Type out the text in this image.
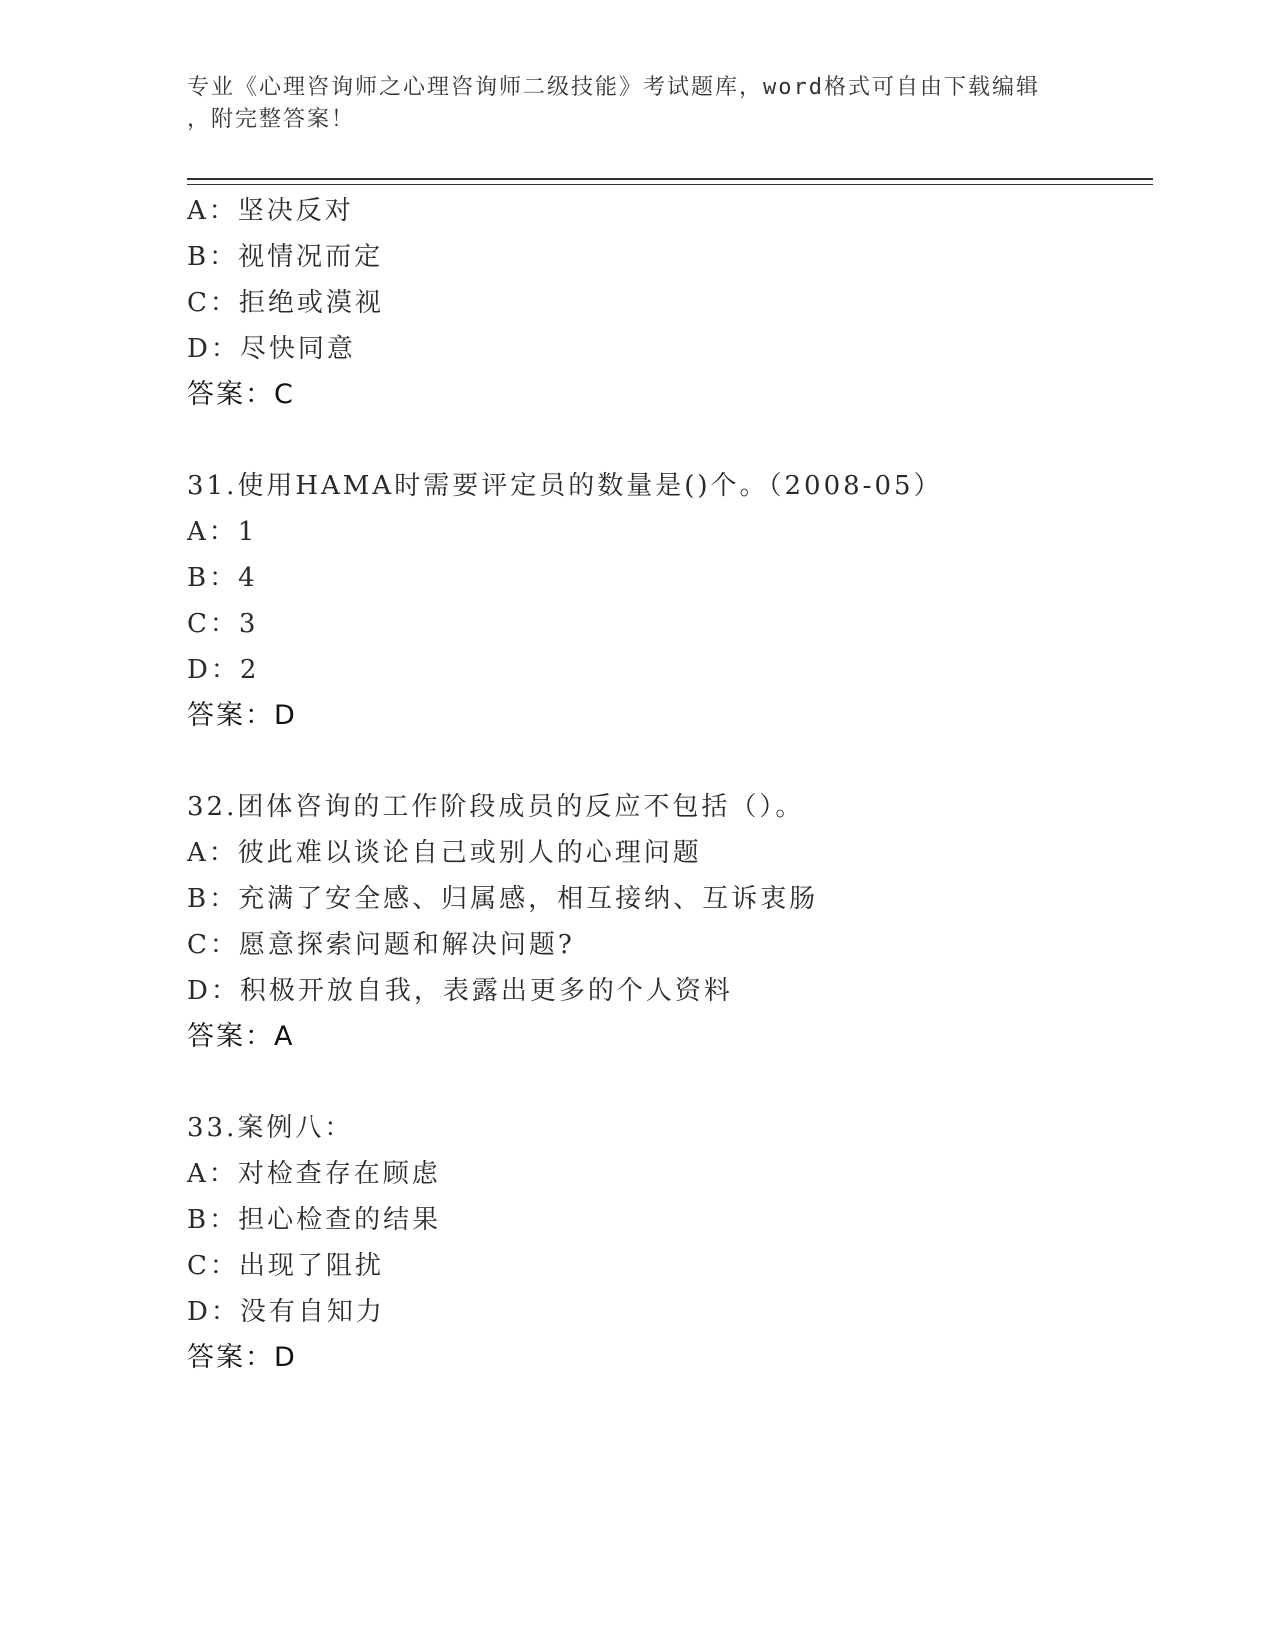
专业《心理咨询师之心理咨询师二级技能》考试题库，word格式可自由下载编辑
，附完整答案！
A：坚决反对
B：视情况而定
C：拒绝或漠视
D：尽快同意
答案：C
31.使用HAMA时需要评定员的数量是()个。（2008-05）
A：1
B：4
C：3
D：2
答案：D
32.团体咨询的工作阶段成员的反应不包括（）。
A：彼此难以谈论自己或别人的心理问题
B：充满了安全感、归属感，相互接纳、互诉衷肠
C：愿意探索问题和解决问题?
D：积极开放自我，表露出更多的个人资料
答案：A
33.案例八：
A：对检查存在顾虑
B：担心检查的结果
C：出现了阻扰
D：没有自知力
答案：D
